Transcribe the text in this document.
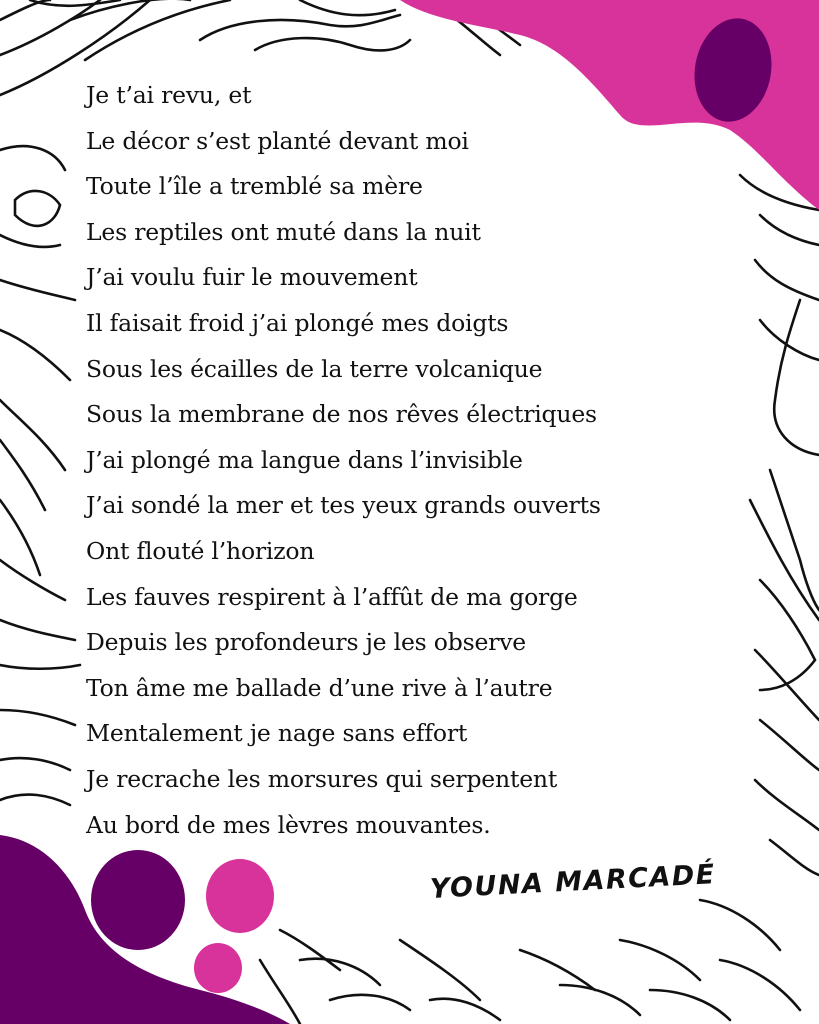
Je t’ai revu, et
Le décor s’est planté devant moi
Toute l’île a tremblé sa mère
Les reptiles ont muté dans la nuit
J’ai voulu fuir le mouvement
Il faisait froid j’ai plongé mes doigts
Sous les écailles de la terre volcanique
Sous la membrane de nos rêves électriques
J’ai plongé ma langue dans l’invisible
J’ai sondé la mer et tes yeux grands ouverts
Ont flouté l’horizon
Les fauves respirent à l’affût de ma gorge
Depuis les profondeurs je les observe
Ton âme me ballade d’une rive à l’autre
Mentalement je nage sans effort
Je recrache les morsures qui serpentent
Au bord de mes lèvres mouvantes.
YOUNA MARCADÉ
